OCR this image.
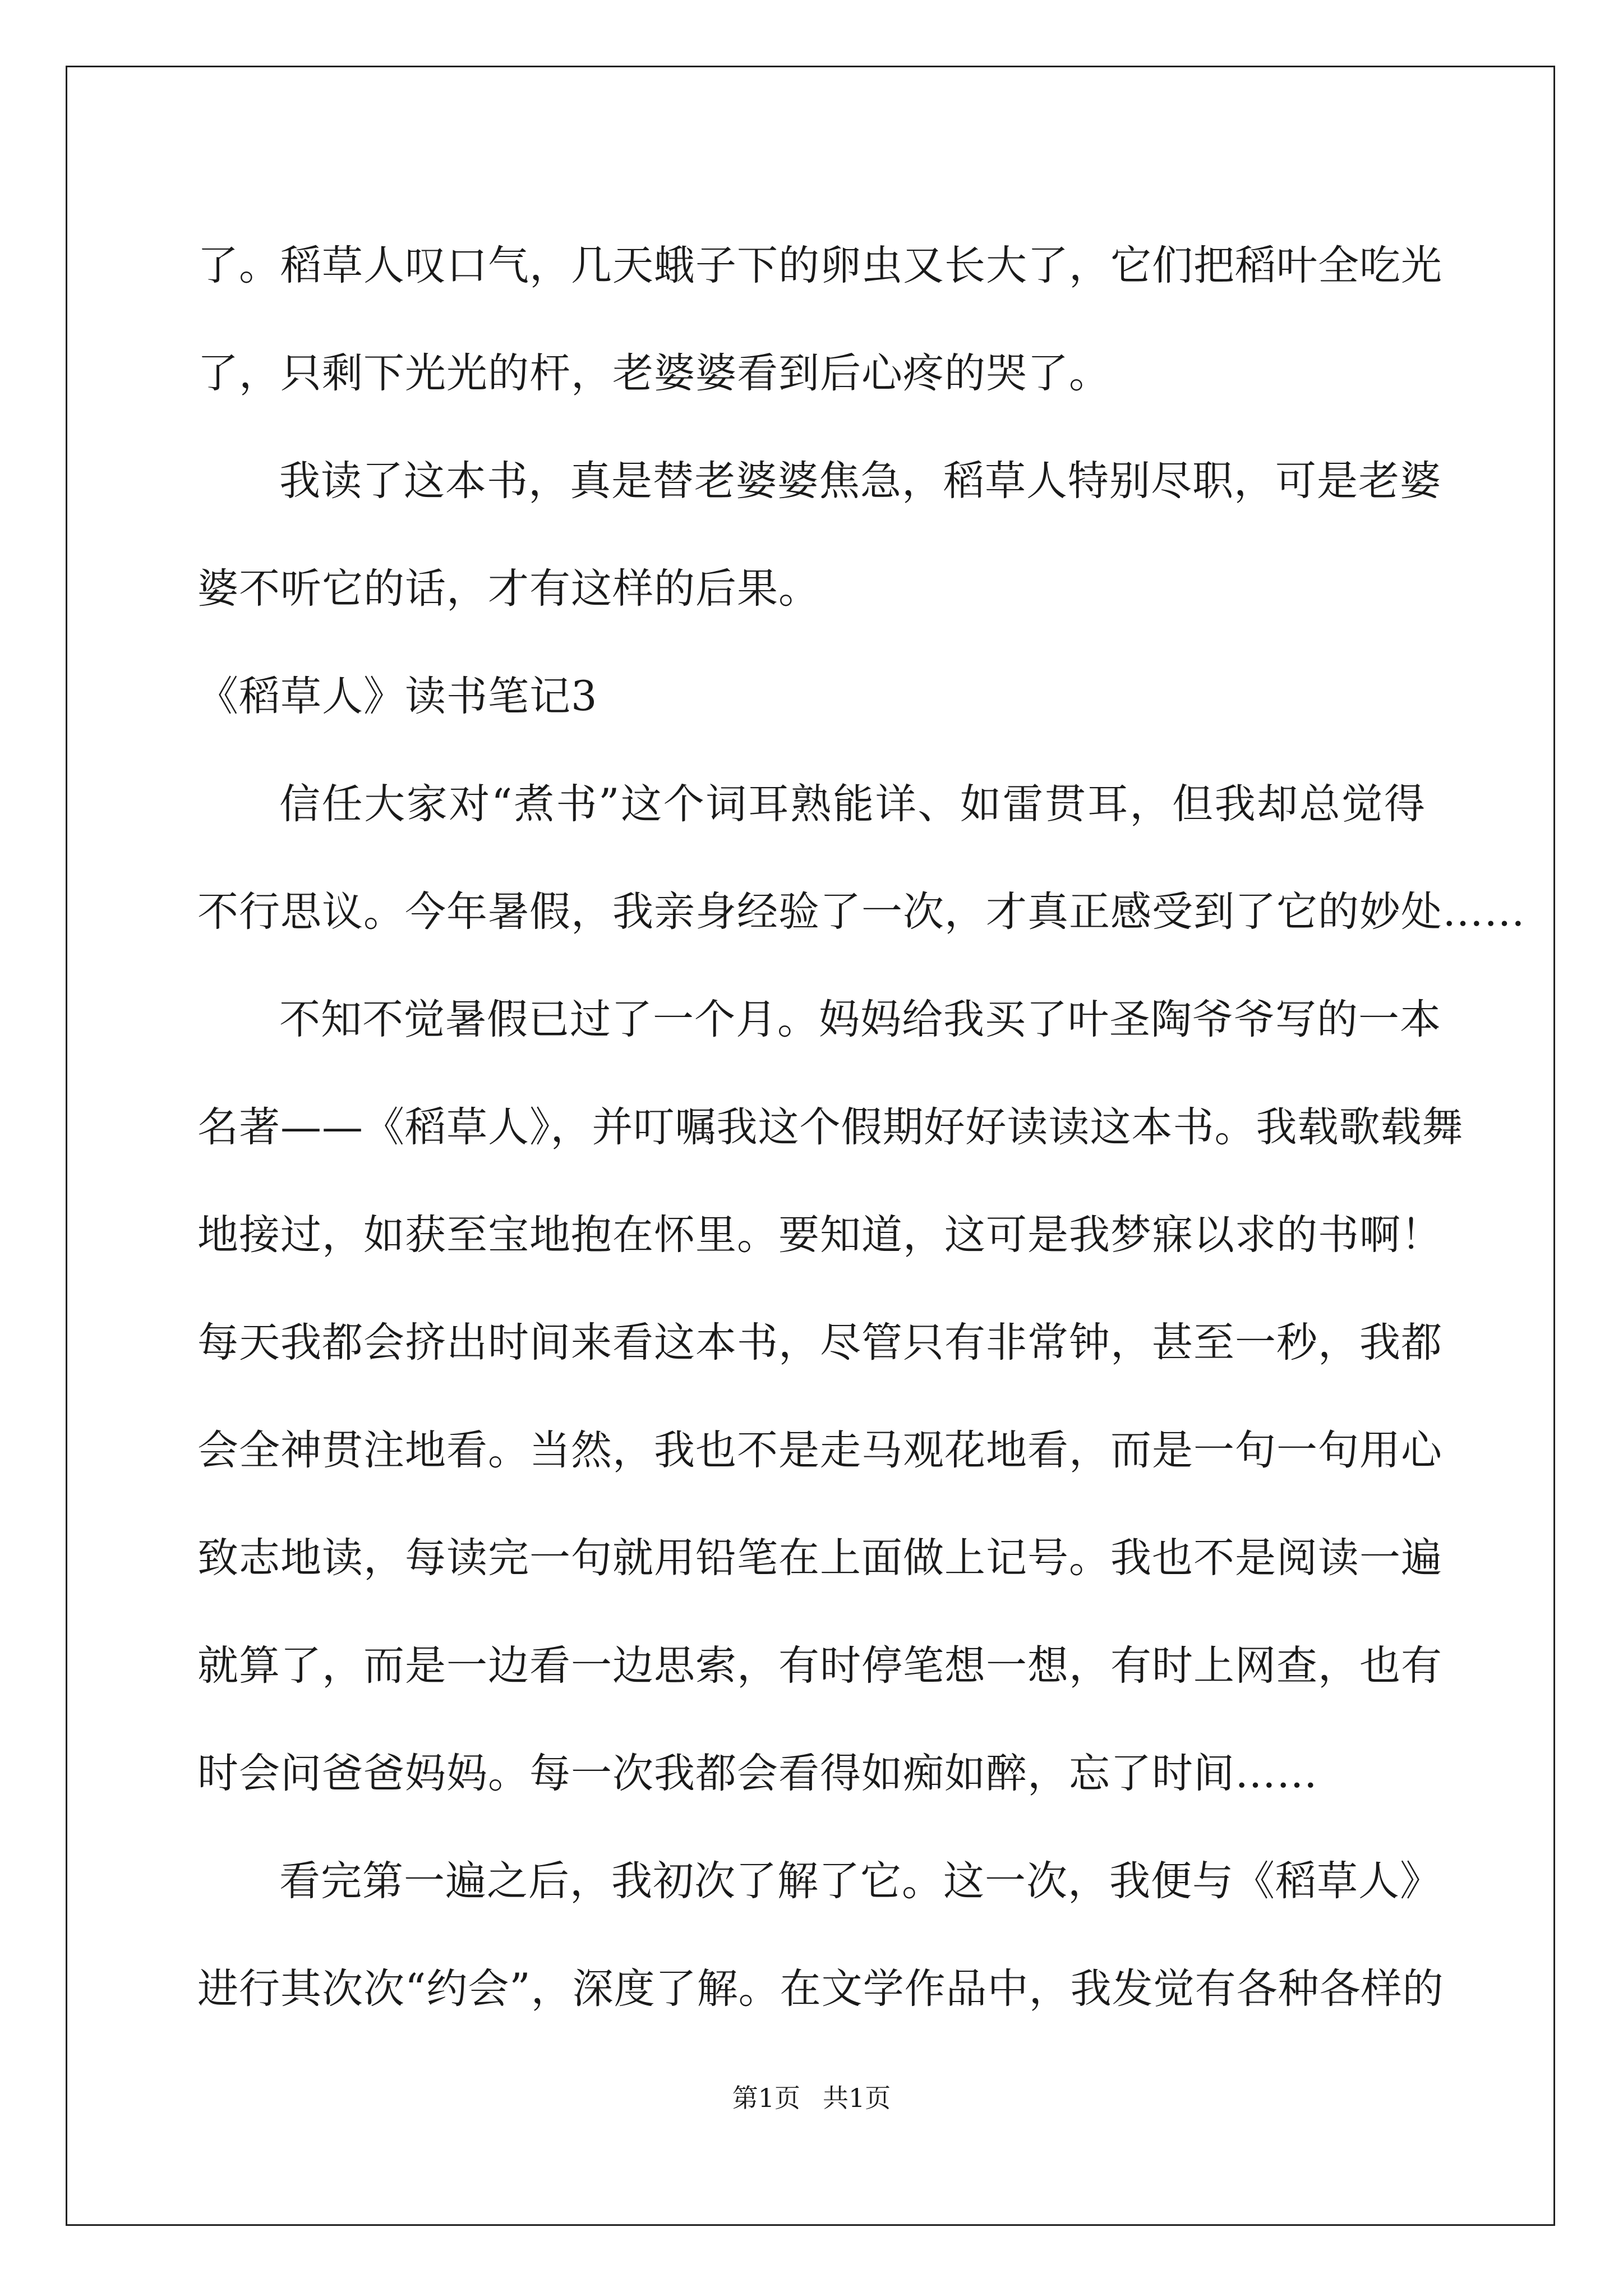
了。稻草人叹口气，几天蛾子下的卵虫又长大了，它们把稻叶全吃光
了，只剩下光光的杆，老婆婆看到后心疼的哭了。
我读了这本书，真是替老婆婆焦急，稻草人特别尽职，可是老婆
婆不听它的话，才有这样的后果。
《稻草人》读书笔记3
信任大家对“煮书”这个词耳熟能详、如雷贯耳，但我却总觉得
不行思议。今年暑假，我亲身经验了一次，才真正感受到了它的妙处……
不知不觉暑假已过了一个月。妈妈给我买了叶圣陶爷爷写的一本
名著——《稻草人》，并叮嘱我这个假期好好读读这本书。我载歌载舞
地接过，如获至宝地抱在怀里。要知道，这可是我梦寐以求的书啊！
每天我都会挤出时间来看这本书，尽管只有非常钟，甚至一秒，我都
会全神贯注地看。当然，我也不是走马观花地看，而是一句一句用心
致志地读，每读完一句就用铅笔在上面做上记号。我也不是阅读一遍
就算了，而是一边看一边思索，有时停笔想一想，有时上网查，也有
时会问爸爸妈妈。每一次我都会看得如痴如醉，忘了时间……
看完第一遍之后，我初次了解了它。这一次，我便与《稻草人》
进行其次次“约会”，深度了解。在文学作品中，我发觉有各种各样的
第1页 共1页
